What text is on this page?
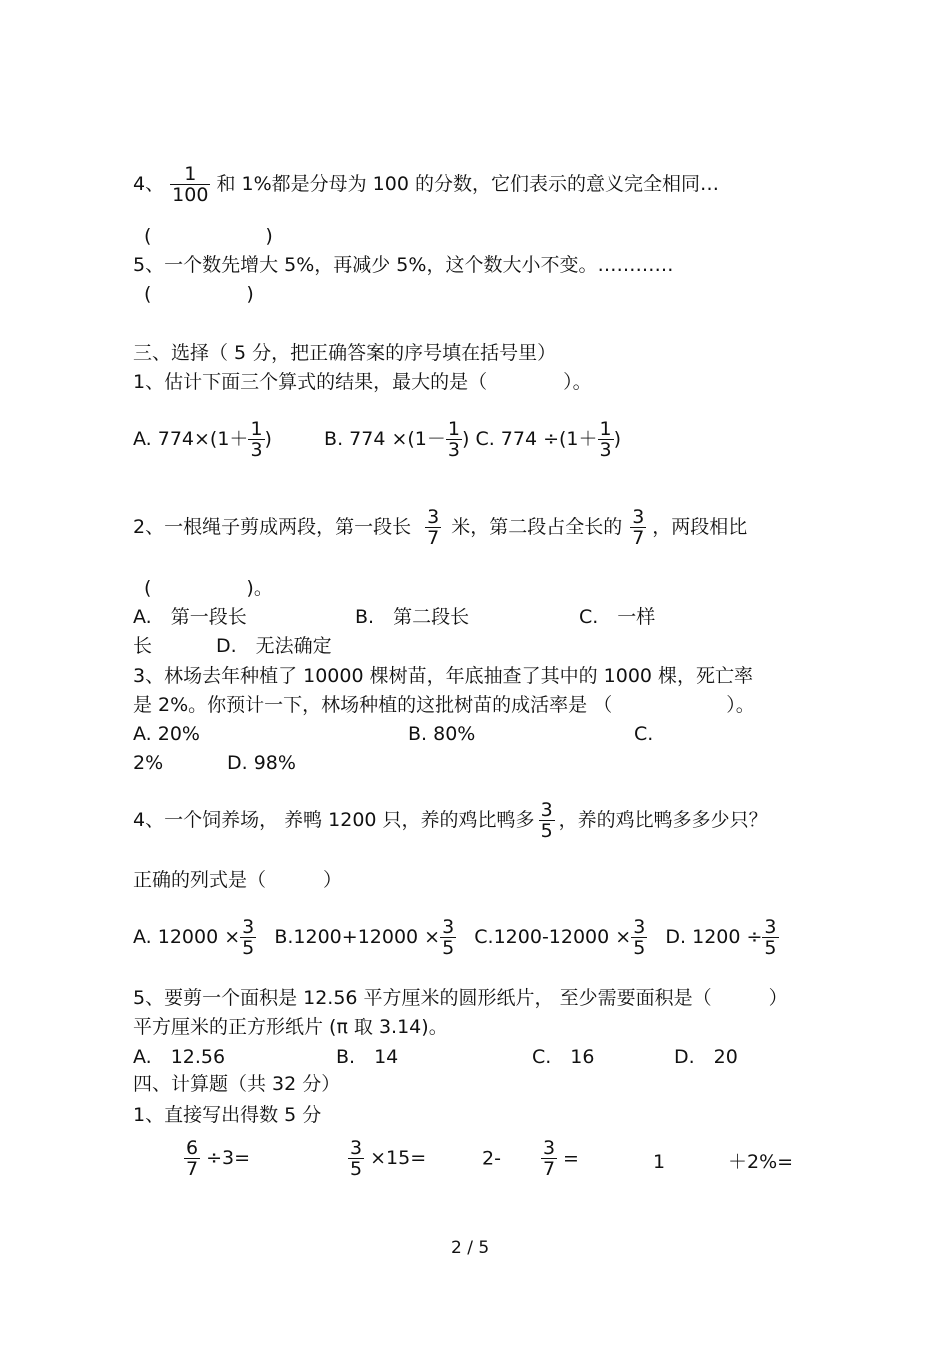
4、 $\frac{1}{100}$ 和 1%都是分母为 100 的分数，它们表示的意义完全相同…
(　　　　　　)
5、一个数先增大 5%，再减少 5%，这个数大小不变。…………
(　　　　　)
三、选择（ 5 分，把正确答案的序号填在括号里）
1、估计下面三个算式的结果，最大的是（　　　　）。
A. $774\times(1+ \frac{1}{3}$ )	B. $774 \times(1- \frac{1}{3}$ ) C. $774 \div(1+ \frac{1}{3}$ )
2、一根绳子剪成两段，第一段长 $\frac{3}{7}$ 米，第二段占全长的 $\frac{3}{7}$ ，两段相比
(　　　　　)。
A.　第一段长	B.　第二段长	C.　一样
长	D.　无法确定
3、林场去年种植了 10000 棵树苗，年底抽查了其中的 1000 棵，死亡率
是 2%。你预计一下，林场种植的这批树苗的成活率是 （　　　　　　）。
A. 20%	B. 80%	C.
2%	D. 98%
4、一个饲养场， 养鸭 1200 只，养的鸡比鸭多 $\frac{3}{5}$ ，养的鸡比鸭多多少只？
正确的列式是（　　　）
A. $12000 \times \frac{3}{5} B.1200+12000 \times \frac{3}{5} C.1200-12000 \times \frac{3}{5} D$. $1200 \div \frac{3}{5}$
5、要剪一个面积是 12.56 平方厘米的圆形纸片， 至少需要面积是（　　　）
平方厘米的正方形纸片 (π 取 3.14)。
A.　12.56	B.　14	C.　16	D.　20
四、计算题（共 32 分）
1、直接写出得数 5 分
$\frac{6}{7} \div 3=$	$\frac{3}{5} \times 15=$	$2- \frac{3}{7}$ =	1	＋2%=
2 / 5
